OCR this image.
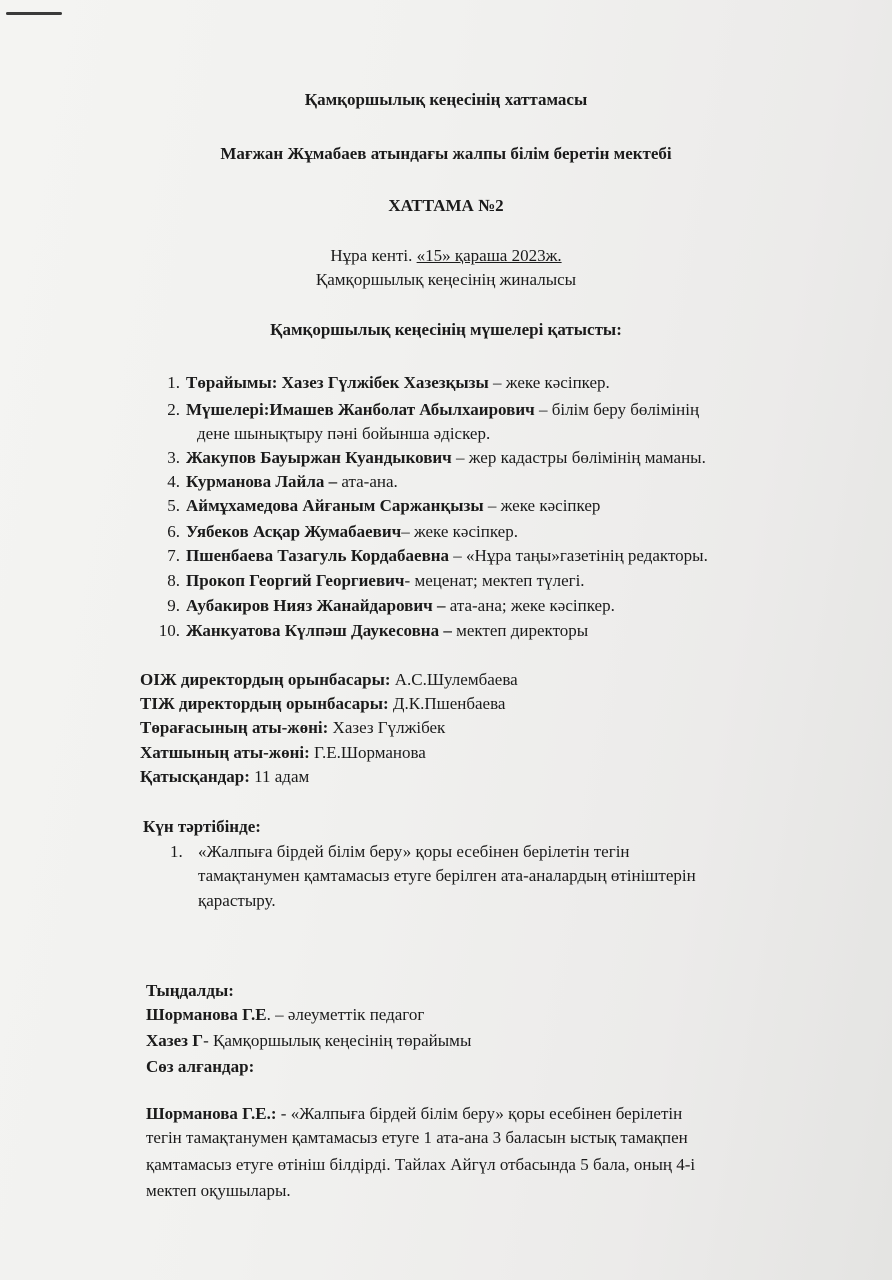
Қамқоршылық кеңесінің хаттамасы
Мағжан Жұмабаев атындағы жалпы білім беретін мектебі
ХАТТАМА №2
Нұра кенті. «15» қараша 2023ж.
Қамқоршылық кеңесінің жиналысы
Қамқоршылық кеңесінің мүшелері қатысты:
1. Төрайымы: Хазез Гүлжібек Хазезқызы – жеке кәсіпкер.
2. Мүшелері:Имашев Жанболат Абылхаирович – білім беру бөлімінің
дене шынықтыру пәні бойынша әдіскер.
3. Жакупов Бауыржан Куандыкович – жер кадастры бөлімінің маманы.
4. Курманова Лайла – ата-ана.
5. Аймұхамедова Айғаным Саржанқызы – жеке кәсіпкер
6. Уябеков Асқар Жумабаевич– жеке кәсіпкер.
7. Пшенбаева Тазагуль Кордабаевна – «Нұра таңы»газетінің редакторы.
8. Прокоп Георгий Георгиевич- меценат; мектеп түлегі.
9. Аубакиров Нияз Жанайдарович – ата-ана; жеке кәсіпкер.
10. Жанкуатова Күлпәш Даукесовна – мектеп директоры
ОІЖ директордың орынбасары: А.С.Шулембаева
ТІЖ директордың орынбасары: Д.К.Пшенбаева
Төрағасының аты-жөні: Хазез Гүлжібек
Хатшының аты-жөні: Г.Е.Шорманова
Қатысқандар: 11 адам
Күн тәртібінде:
1. «Жалпыға бірдей білім беру» қоры есебінен берілетін тегін
тамақтанумен қамтамасыз етуге берілген ата-аналардың өтініштерін
қарастыру.
Тыңдалды:
Шорманова Г.Е. – әлеуметтік педагог
Хазез Г- Қамқоршылық кеңесінің төрайымы
Сөз алғандар:
Шорманова Г.Е.: - «Жалпыға бірдей білім беру» қоры есебінен берілетін
тегін тамақтанумен қамтамасыз етуге 1 ата-ана 3 баласын ыстық тамақпен
қамтамасыз етуге өтініш білдірді. Тайлах Айгүл отбасында 5 бала, оның 4-і
мектеп оқушылары.
